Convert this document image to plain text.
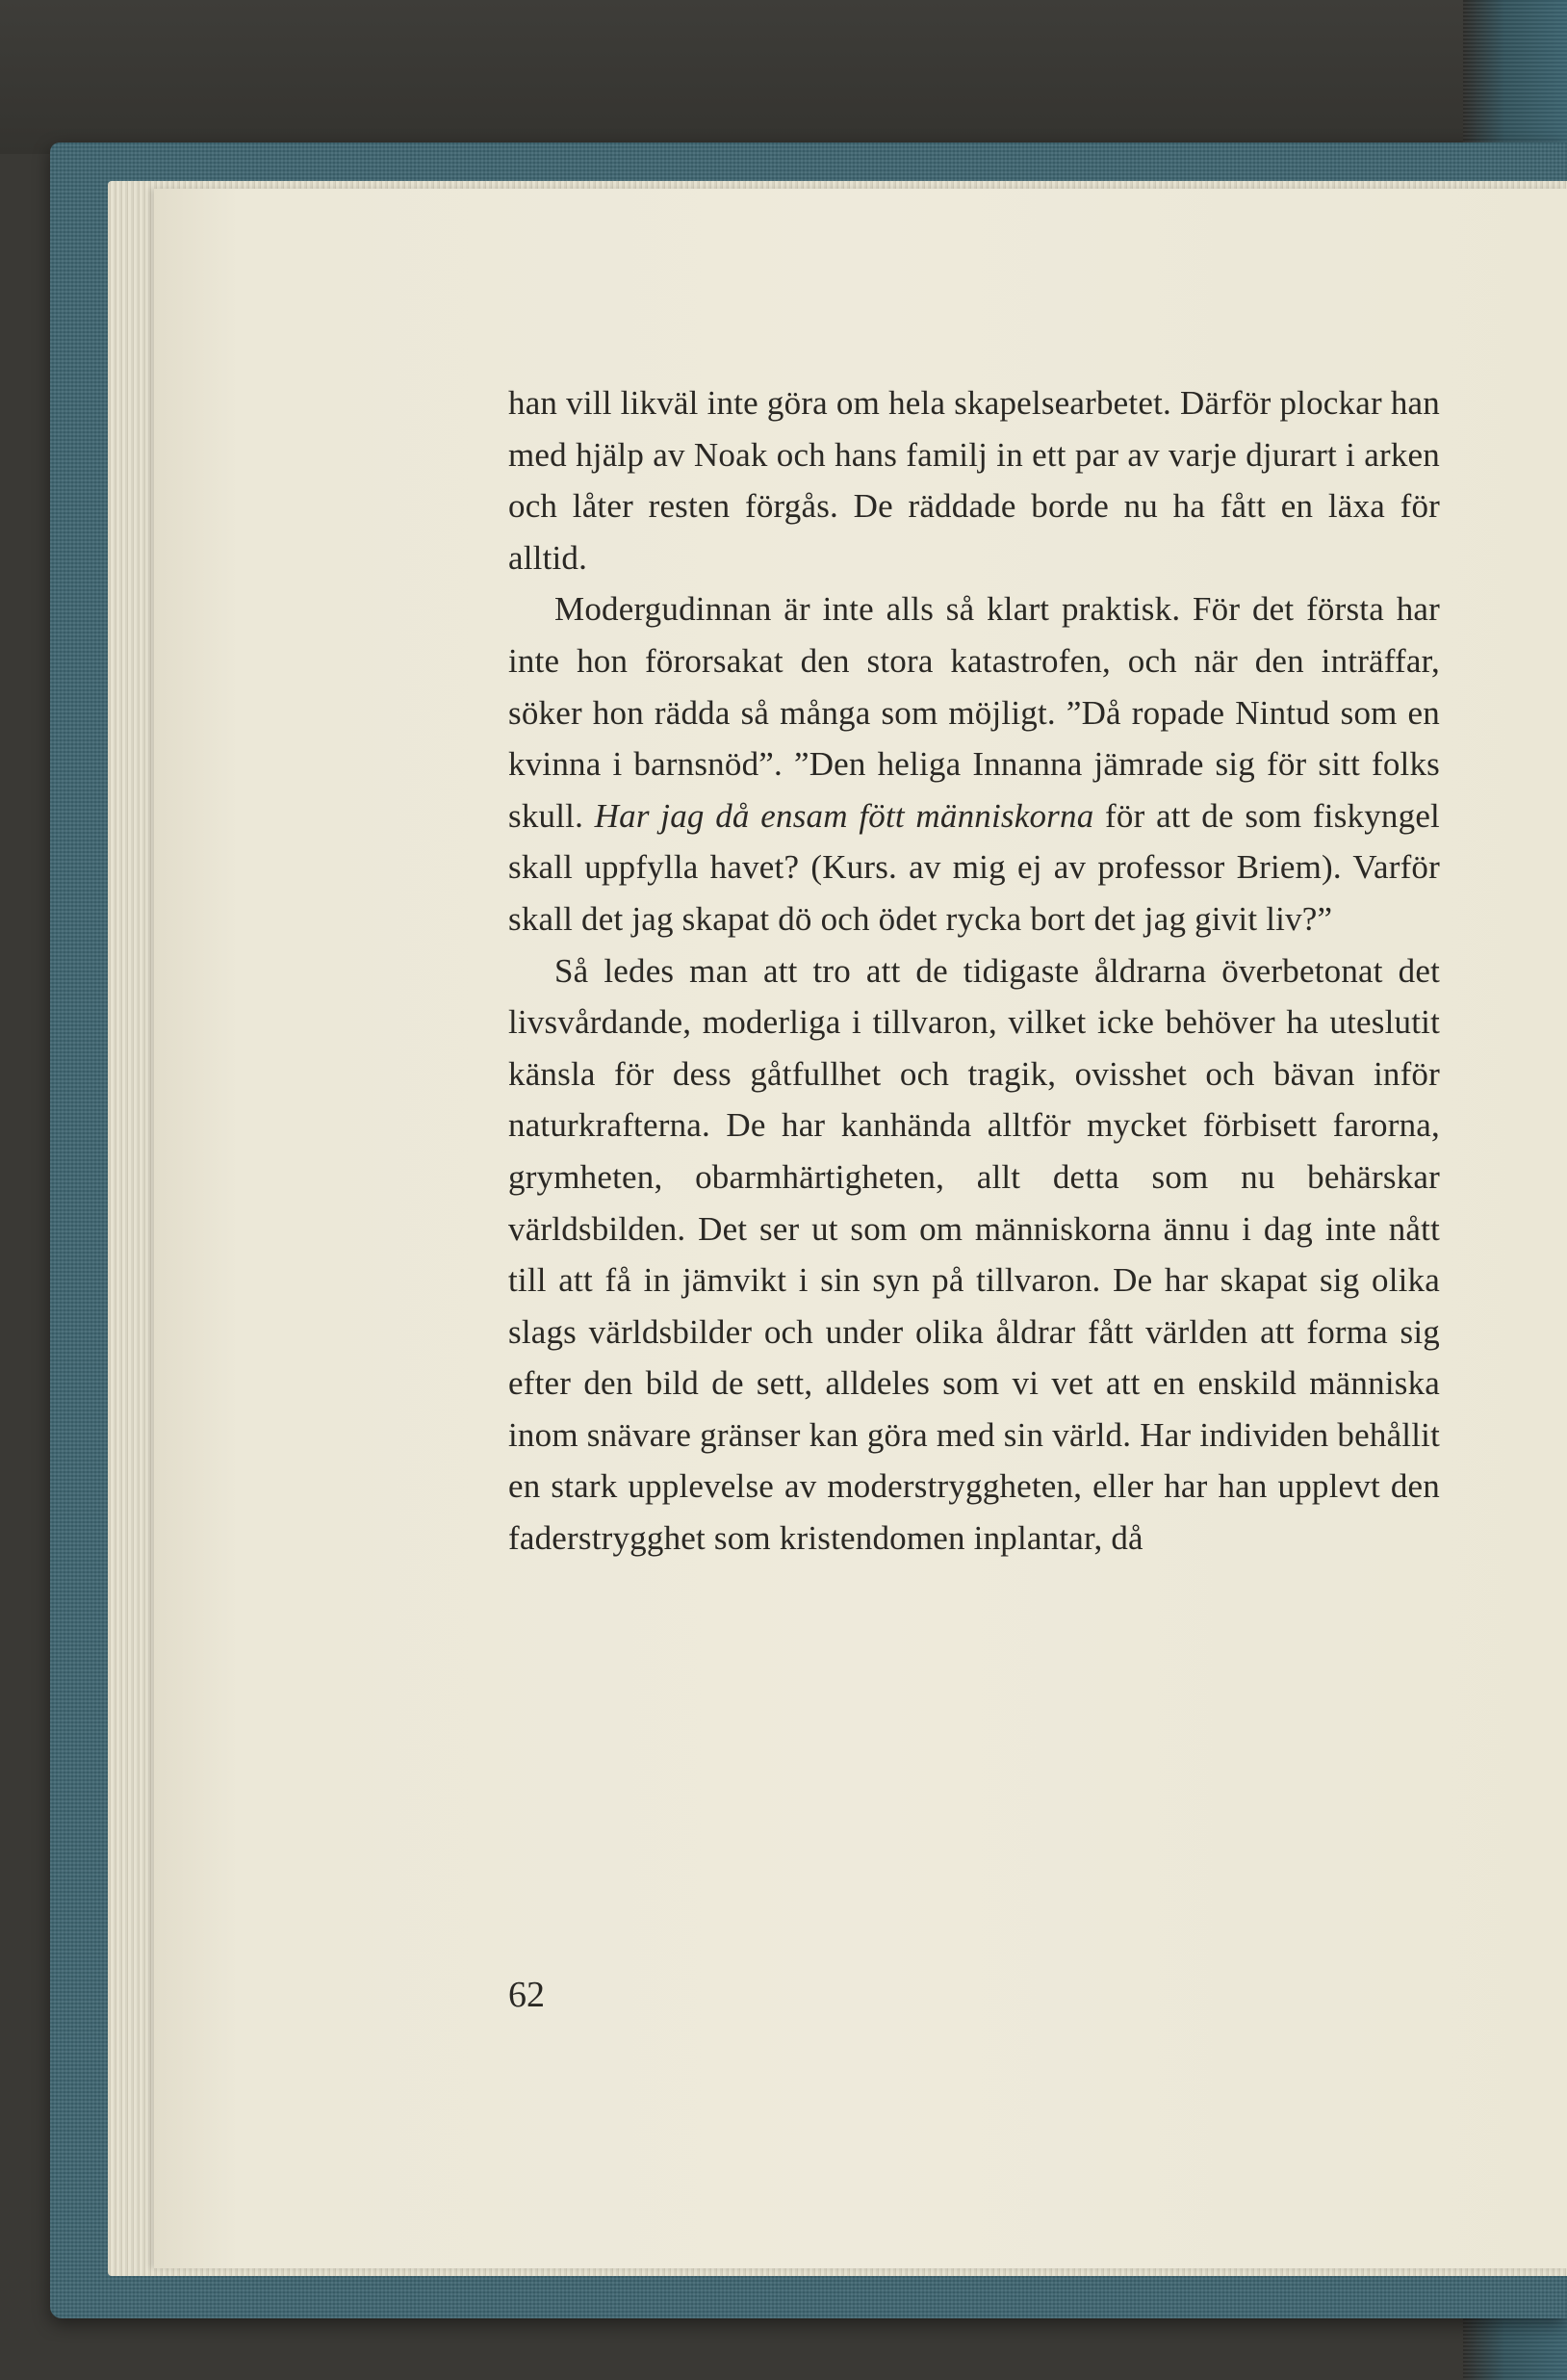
han vill likväl inte göra om hela skapelsearbetet. Därför plockar han med hjälp av Noak och hans familj in ett par av varje djurart i arken och låter resten förgås. De räddade borde nu ha fått en läxa för alltid.

Modergudinnan är inte alls så klart praktisk. För det första har inte hon förorsakat den stora katastrofen, och när den inträffar, söker hon rädda så många som möjligt. ”Då ropade Nintud som en kvinna i barnsnöd”. ”Den heliga Innanna jämrade sig för sitt folks skull. Har jag då ensam fött människorna för att de som fiskyngel skall uppfylla havet? (Kurs. av mig ej av professor Briem). Varför skall det jag skapat dö och ödet rycka bort det jag givit liv?”

Så ledes man att tro att de tidigaste åldrarna överbetonat det livsvårdande, moderliga i tillvaron, vilket icke behöver ha uteslutit känsla för dess gåtfullhet och tragik, ovisshet och bävan inför naturkrafterna. De har kanhända alltför mycket förbisett farorna, grymheten, obarmhärtigheten, allt detta som nu behärskar världsbilden. Det ser ut som om människorna ännu i dag inte nått till att få in jämvikt i sin syn på tillvaron. De har skapat sig olika slags världsbilder och under olika åldrar fått världen att forma sig efter den bild de sett, alldeles som vi vet att en enskild människa inom snävare gränser kan göra med sin värld. Har individen behållit en stark upplevelse av moderstryggheten, eller har han upplevt den faderstrygghet som kristendomen inplantar, då

62
